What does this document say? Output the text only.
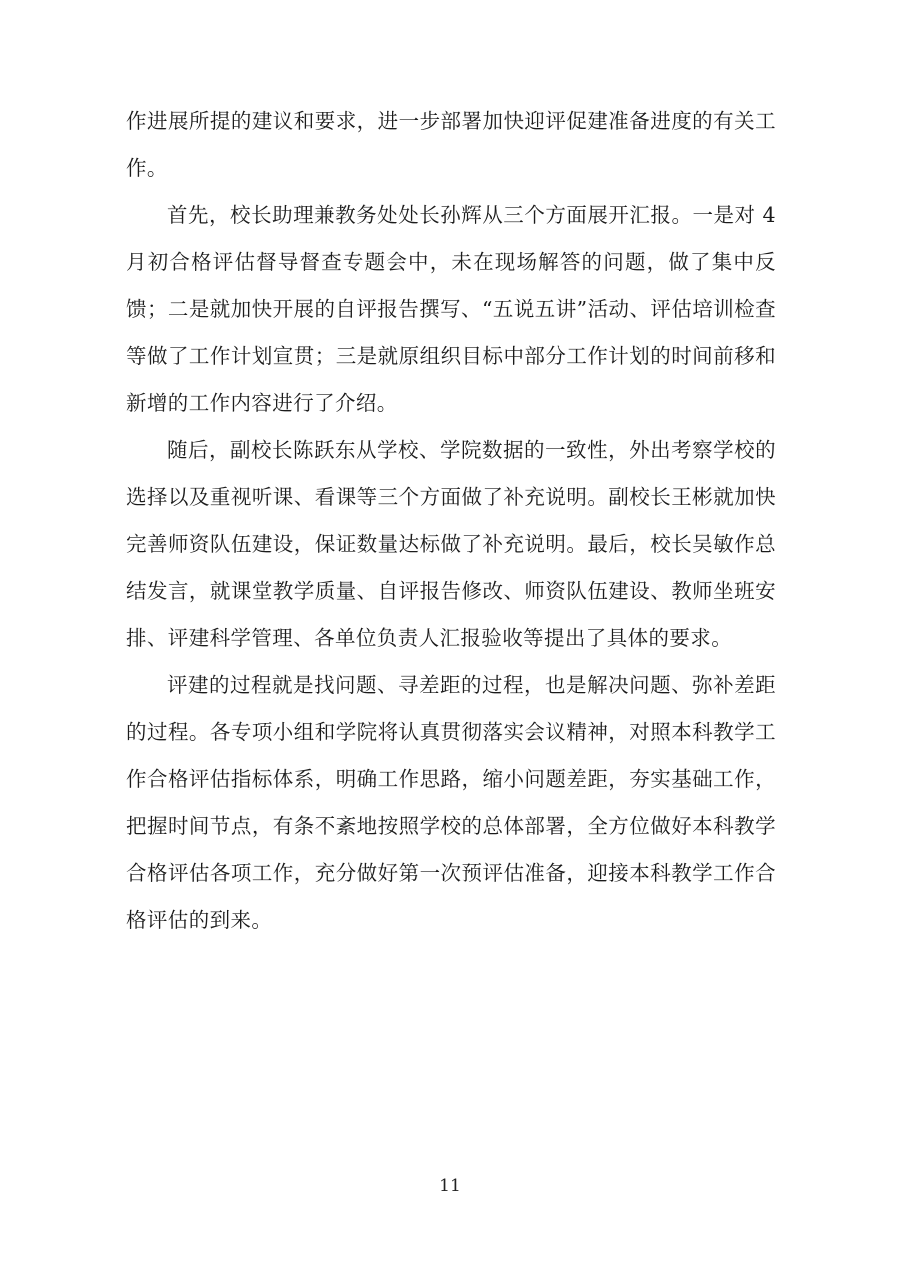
作进展所提的建议和要求，进一步部署加快迎评促建准备进度的有关工作。

首先，校长助理兼教务处处长孙辉从三个方面展开汇报。一是对 4 月初合格评估督导督查专题会中，未在现场解答的问题，做了集中反馈；二是就加快开展的自评报告撰写、“五说五讲”活动、评估培训检查等做了工作计划宣贯；三是就原组织目标中部分工作计划的时间前移和新增的工作内容进行了介绍。

随后，副校长陈跃东从学校、学院数据的一致性，外出考察学校的选择以及重视听课、看课等三个方面做了补充说明。副校长王彬就加快完善师资队伍建设，保证数量达标做了补充说明。最后，校长吴敏作总结发言，就课堂教学质量、自评报告修改、师资队伍建设、教师坐班安排、评建科学管理、各单位负责人汇报验收等提出了具体的要求。

评建的过程就是找问题、寻差距的过程，也是解决问题、弥补差距的过程。各专项小组和学院将认真贯彻落实会议精神，对照本科教学工作合格评估指标体系，明确工作思路，缩小问题差距，夯实基础工作，把握时间节点，有条不紊地按照学校的总体部署，全方位做好本科教学合格评估各项工作，充分做好第一次预评估准备，迎接本科教学工作合格评估的到来。

11
